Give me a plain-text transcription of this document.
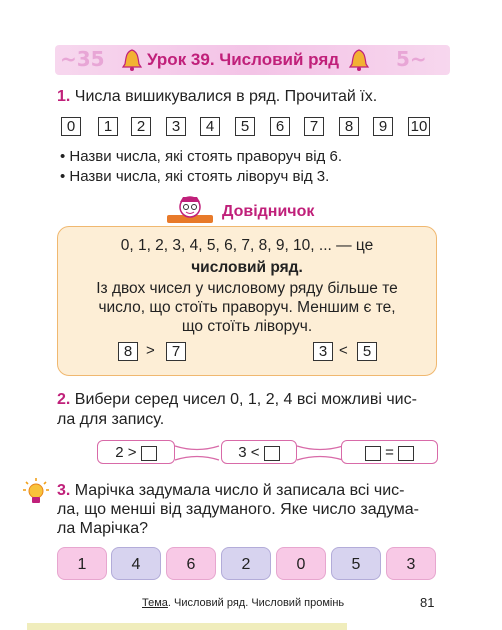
~35	5~
Урок 39. Числовий ряд
1. Числа вишикувалися в ряд. Прочитай їх.
0	1	2	3	4	5	6	7	8	9	10
• Назви числа, які стоять праворуч від 6.
• Назви числа, які стоять ліворуч від 3.
Довідничок
0, 1, 2, 3, 4, 5, 6, 7, 8, 9, 10, ... — це
числовий ряд.
Із двох чисел у числовому ряду більше те
число, що стоїть праворуч. Меншим є те,
що стоїть ліворуч.
8 >	7	3 <	5
2. Вибери серед чисел 0, 1, 2, 4 всі можливі чис-
ла для запису.
2 >	3 <	=
3. Марічка задумала число й записала всі чис-
ла, що менші від задуманого. Яке число задума-
ла Марічка?
1	4	6	2	0	5	3
Тема. Числовий ряд. Числовий промінь	81
